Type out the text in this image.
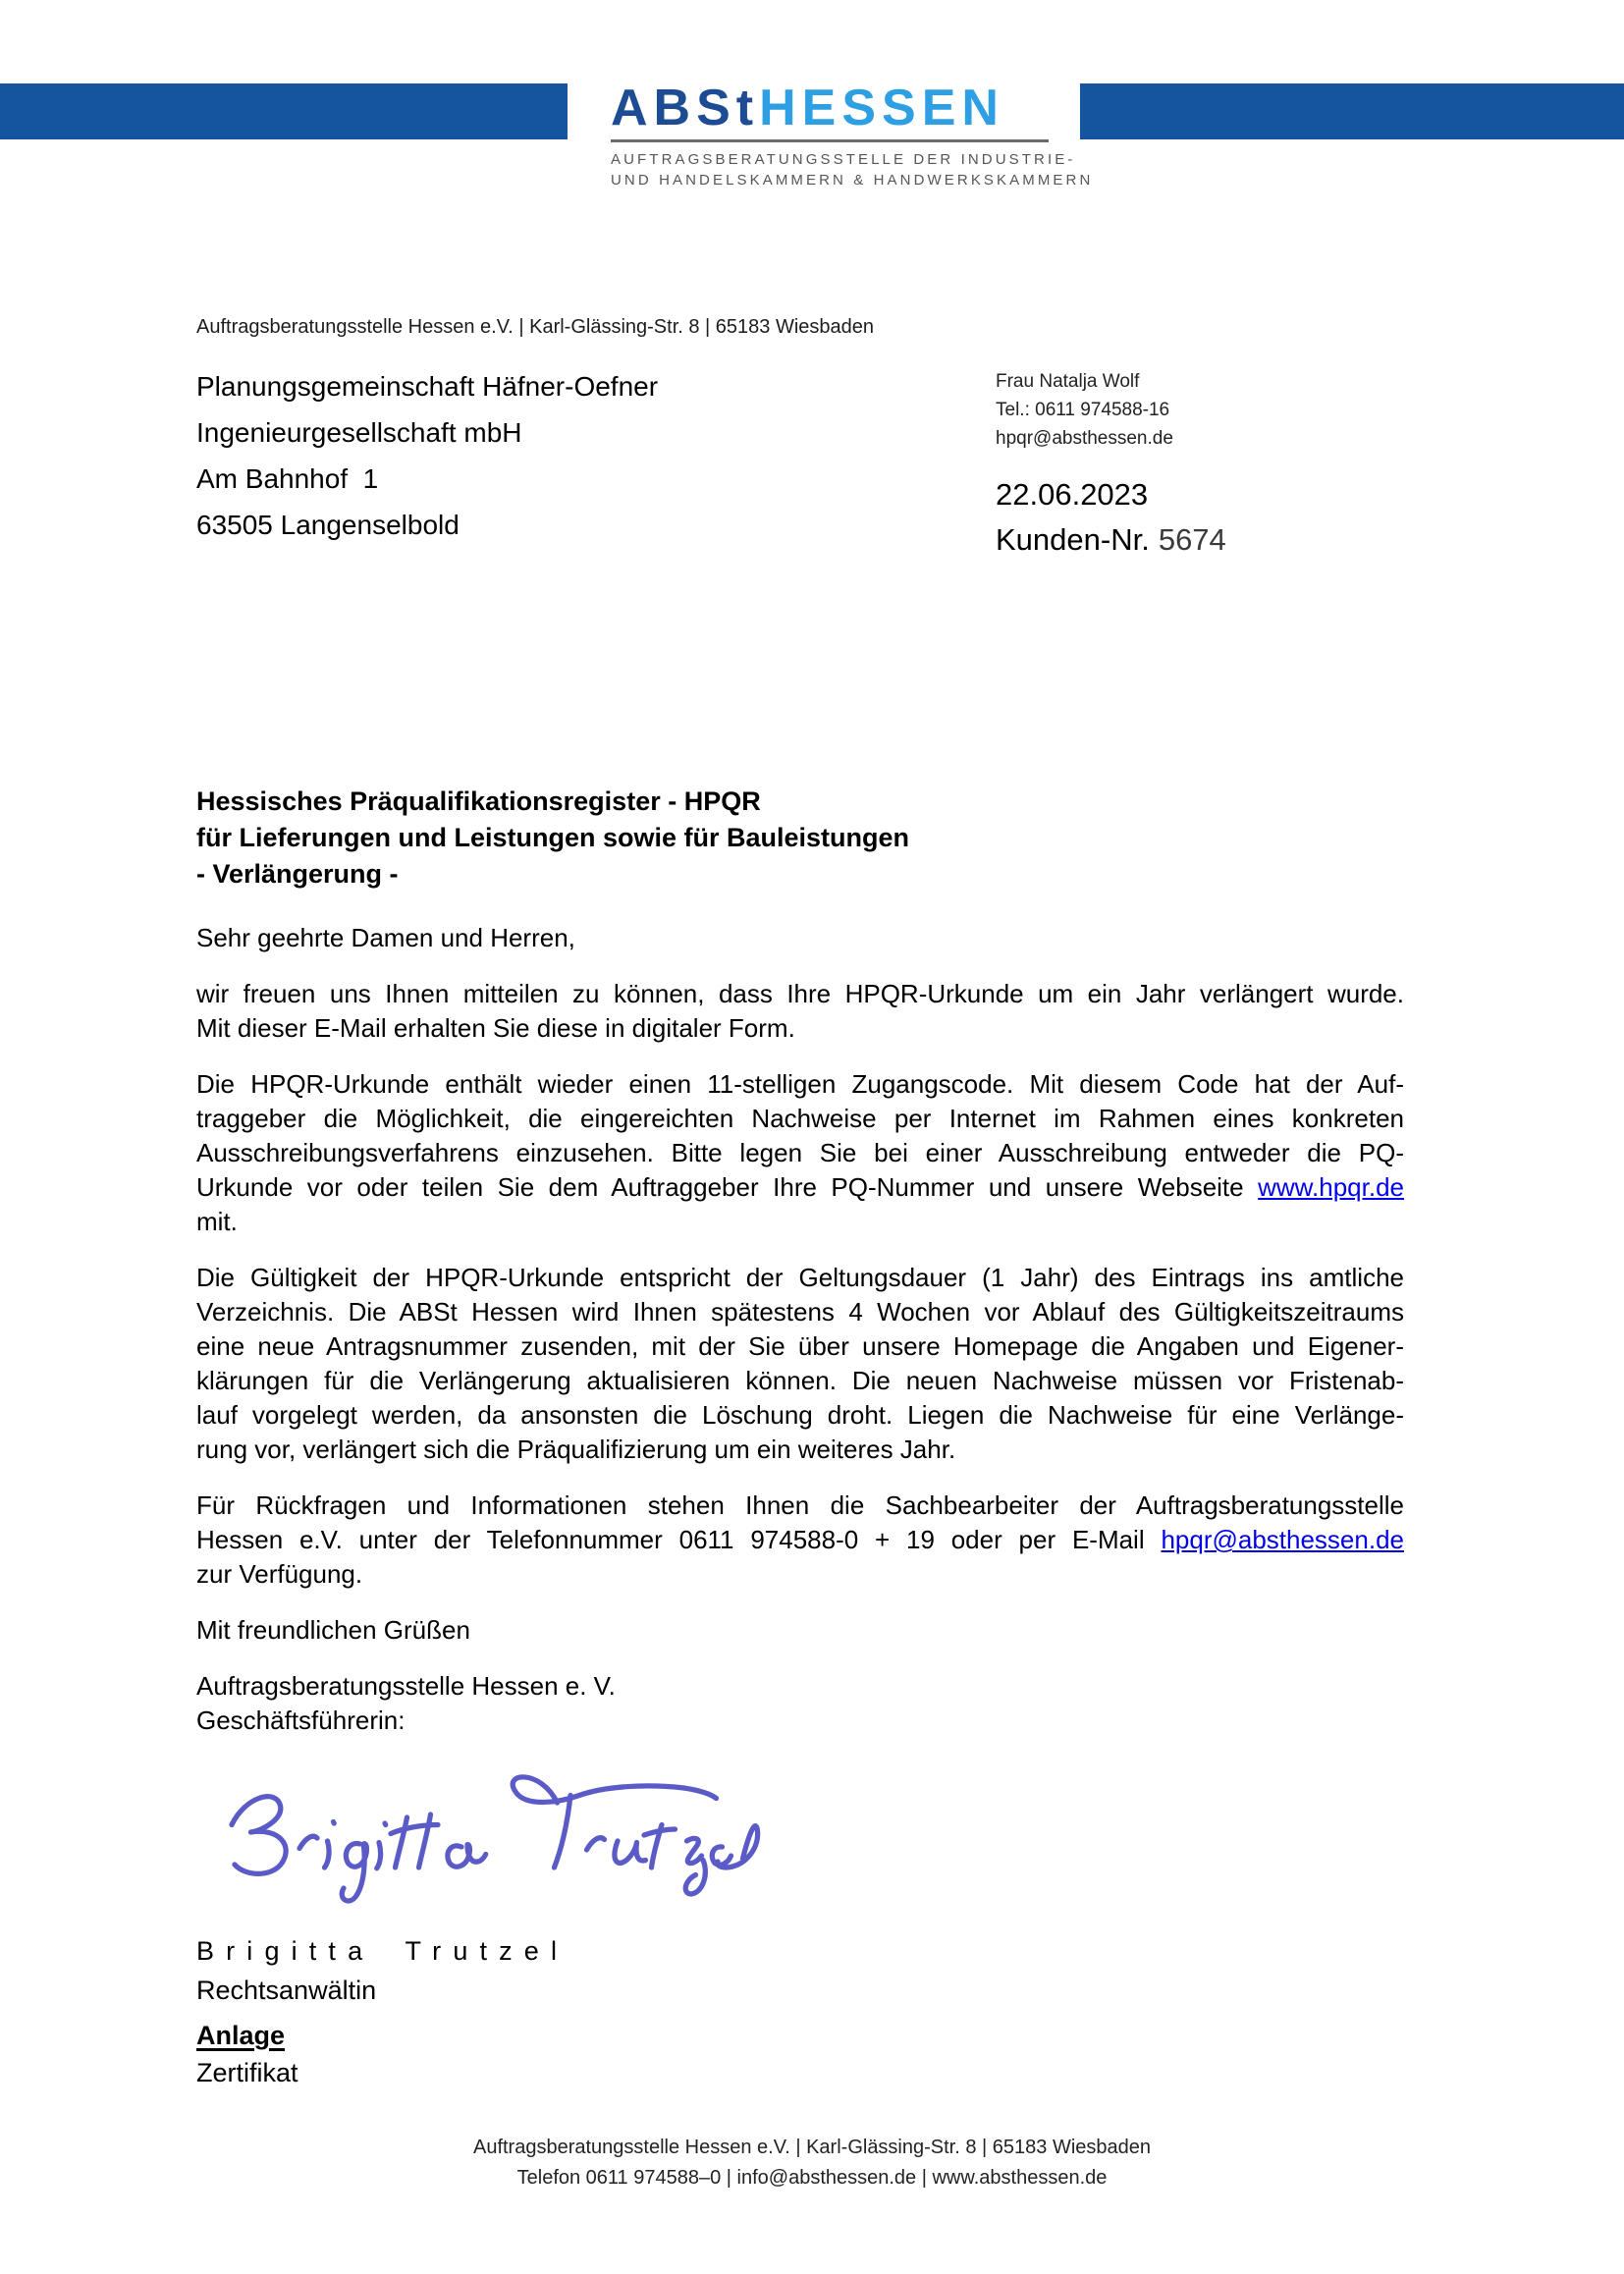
ABStHESSEN
AUFTRAGSBERATUNGSSTELLE DER INDUSTRIE-
UND HANDELSKAMMERN & HANDWERKSKAMMERN
Auftragsberatungsstelle Hessen e.V. | Karl-Glässing-Str. 8 | 65183 Wiesbaden
Planungsgemeinschaft Häfner-Oefner
Ingenieurgesellschaft mbH
Am Bahnhof  1
63505 Langenselbold
Frau Natalja Wolf
Tel.: 0611 974588-16
hpqr@absthessen.de
22.06.2023
Kunden-Nr. 5674
Hessisches Präqualifikationsregister - HPQR
für Lieferungen und Leistungen sowie für Bauleistungen
- Verlängerung -

Sehr geehrte Damen und Herren,

wir freuen uns Ihnen mitteilen zu können, dass Ihre HPQR-Urkunde um ein Jahr verlängert wurde.
Mit dieser E-Mail erhalten Sie diese in digitaler Form.
Die HPQR-Urkunde enthält wieder einen 11-stelligen Zugangscode. Mit diesem Code hat der Auf-
traggeber die Möglichkeit, die eingereichten Nachweise per Internet im Rahmen eines konkreten
Ausschreibungsverfahrens einzusehen. Bitte legen Sie bei einer Ausschreibung entweder die PQ-
Urkunde vor oder teilen Sie dem Auftraggeber Ihre PQ-Nummer und unsere Webseite www.hpqr.de
mit.
Die Gültigkeit der HPQR-Urkunde entspricht der Geltungsdauer (1 Jahr) des Eintrags ins amtliche
Verzeichnis. Die ABSt Hessen wird Ihnen spätestens 4 Wochen vor Ablauf des Gültigkeitszeitraums
eine neue Antragsnummer zusenden, mit der Sie über unsere Homepage die Angaben und Eigener-
klärungen für die Verlängerung aktualisieren können. Die neuen Nachweise müssen vor Fristenab-
lauf vorgelegt werden, da ansonsten die Löschung droht. Liegen die Nachweise für eine Verlänge-
rung vor, verlängert sich die Präqualifizierung um ein weiteres Jahr.
Für Rückfragen und Informationen stehen Ihnen die Sachbearbeiter der Auftragsberatungsstelle
Hessen e.V. unter der Telefonnummer 0611 974588-0 + 19 oder per E-Mail hpqr@absthessen.de
zur Verfügung.

Mit freundlichen Grüßen

Auftragsberatungsstelle Hessen e. V.
Geschäftsführerin:
Brigitta Trutzel
Rechtsanwältin
Anlage
Zertifikat
Auftragsberatungsstelle Hessen e.V. | Karl-Glässing-Str. 8 | 65183 Wiesbaden
Telefon 0611 974588–0 | info@absthessen.de | www.absthessen.de
